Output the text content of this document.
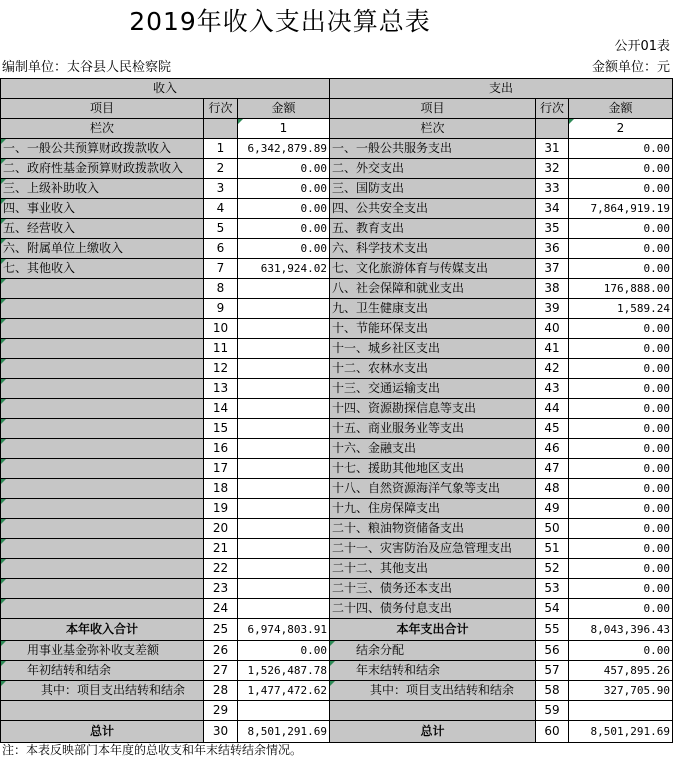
2019年收入支出决算总表
公开01表
编制单位：太谷县人民检察院	金额单位：元
收入			支出		
项目	行次	金额	项目	行次	金额
栏次		1	栏次		2
一、一般公共预算财政拨款收入	1	6,342,879.89	一、一般公共服务支出	31	0.00
二、政府性基金预算财政拨款收入	2	0.00	二、外交支出	32	0.00
三、上级补助收入	3	0.00	三、国防支出	33	0.00
四、事业收入	4	0.00	四、公共安全支出	34	7,864,919.19
五、经营收入	5	0.00	五、教育支出	35	0.00
六、附属单位上缴收入	6	0.00	六、科学技术支出	36	0.00
七、其他收入	7	631,924.02	七、文化旅游体育与传媒支出	37	0.00
	8		八、社会保障和就业支出	38	176,888.00
	9		九、卫生健康支出	39	1,589.24
	10		十、节能环保支出	40	0.00
	11		十一、城乡社区支出	41	0.00
	12		十二、农林水支出	42	0.00
	13		十三、交通运输支出	43	0.00
	14		十四、资源勘探信息等支出	44	0.00
	15		十五、商业服务业等支出	45	0.00
	16		十六、金融支出	46	0.00
	17		十七、援助其他地区支出	47	0.00
	18		十八、自然资源海洋气象等支出	48	0.00
	19		十九、住房保障支出	49	0.00
	20		二十、粮油物资储备支出	50	0.00
	21		二十一、灾害防治及应急管理支出	51	0.00
	22		二十二、其他支出	52	0.00
	23		二十三、债务还本支出	53	0.00
	24		二十四、债务付息支出	54	0.00
本年收入合计	25	6,974,803.91	本年支出合计	55	8,043,396.43
用事业基金弥补收支差额	26	0.00	结余分配	56	0.00
年初结转和结余	27	1,526,487.78	年末结转和结余	57	457,895.26
其中：项目支出结转和结余	28	1,477,472.62	其中：项目支出结转和结余	58	327,705.90
	29			59	
总计	30	8,501,291.69	总计	60	8,501,291.69
注：本表反映部门本年度的总收支和年末结转结余情况。
